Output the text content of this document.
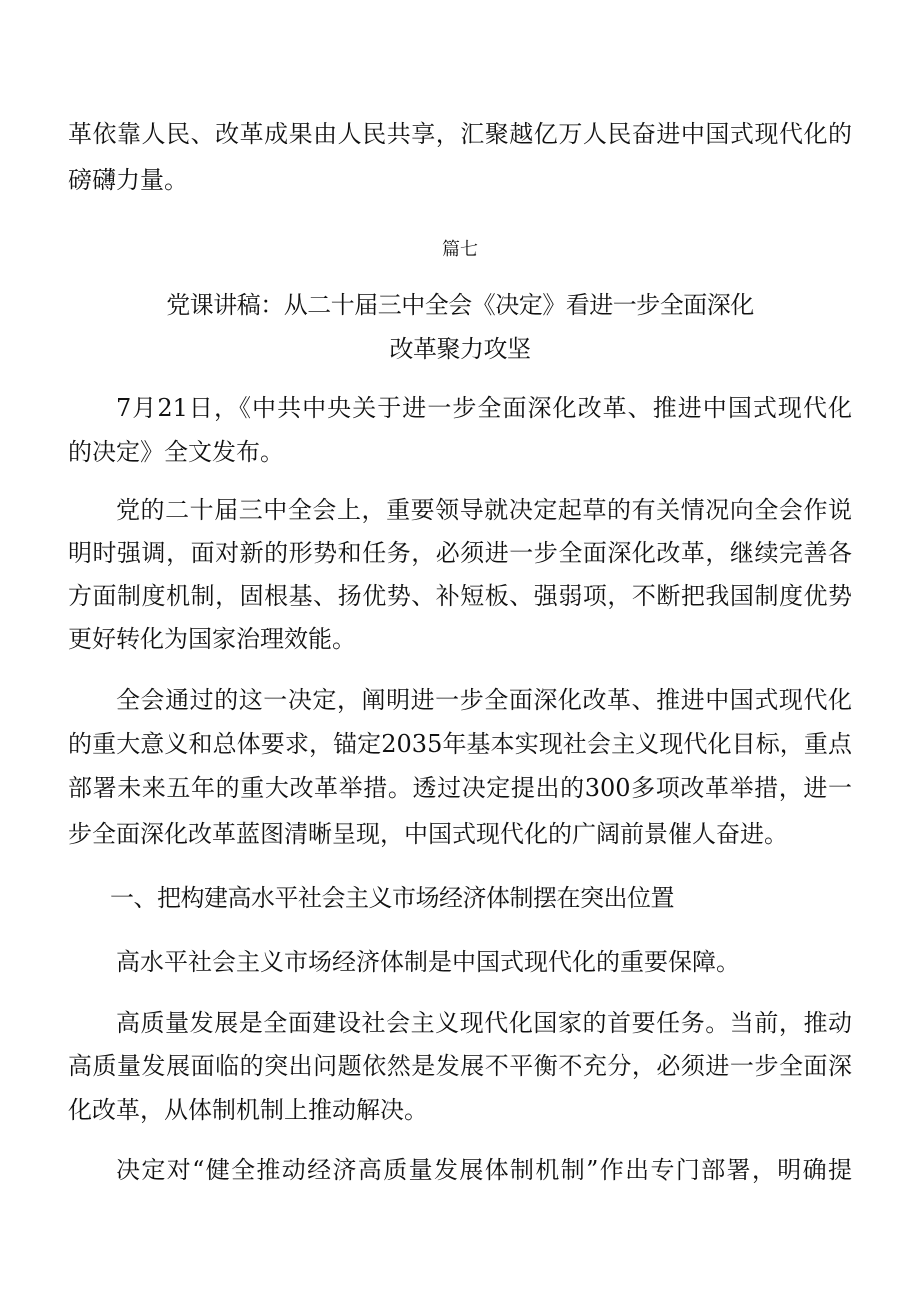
革依靠人民、改革成果由人民共享，汇聚越亿万人民奋进中国式现代化的
磅礴力量。
篇七
党课讲稿：从二十届三中全会《决定》看进一步全面深化
改革聚力攻坚
7月21日，《中共中央关于进一步全面深化改革、推进中国式现代化
的决定》全文发布。
党的二十届三中全会上，重要领导就决定起草的有关情况向全会作说
明时强调，面对新的形势和任务，必须进一步全面深化改革，继续完善各
方面制度机制，固根基、扬优势、补短板、强弱项，不断把我国制度优势
更好转化为国家治理效能。
全会通过的这一决定，阐明进一步全面深化改革、推进中国式现代化
的重大意义和总体要求，锚定2035年基本实现社会主义现代化目标，重点
部署未来五年的重大改革举措。透过决定提出的300多项改革举措，进一
步全面深化改革蓝图清晰呈现，中国式现代化的广阔前景催人奋进。
一、把构建高水平社会主义市场经济体制摆在突出位置
高水平社会主义市场经济体制是中国式现代化的重要保障。
高质量发展是全面建设社会主义现代化国家的首要任务。当前，推动
高质量发展面临的突出问题依然是发展不平衡不充分，必须进一步全面深
化改革，从体制机制上推动解决。
决定对“健全推动经济高质量发展体制机制”作出专门部署，明确提
